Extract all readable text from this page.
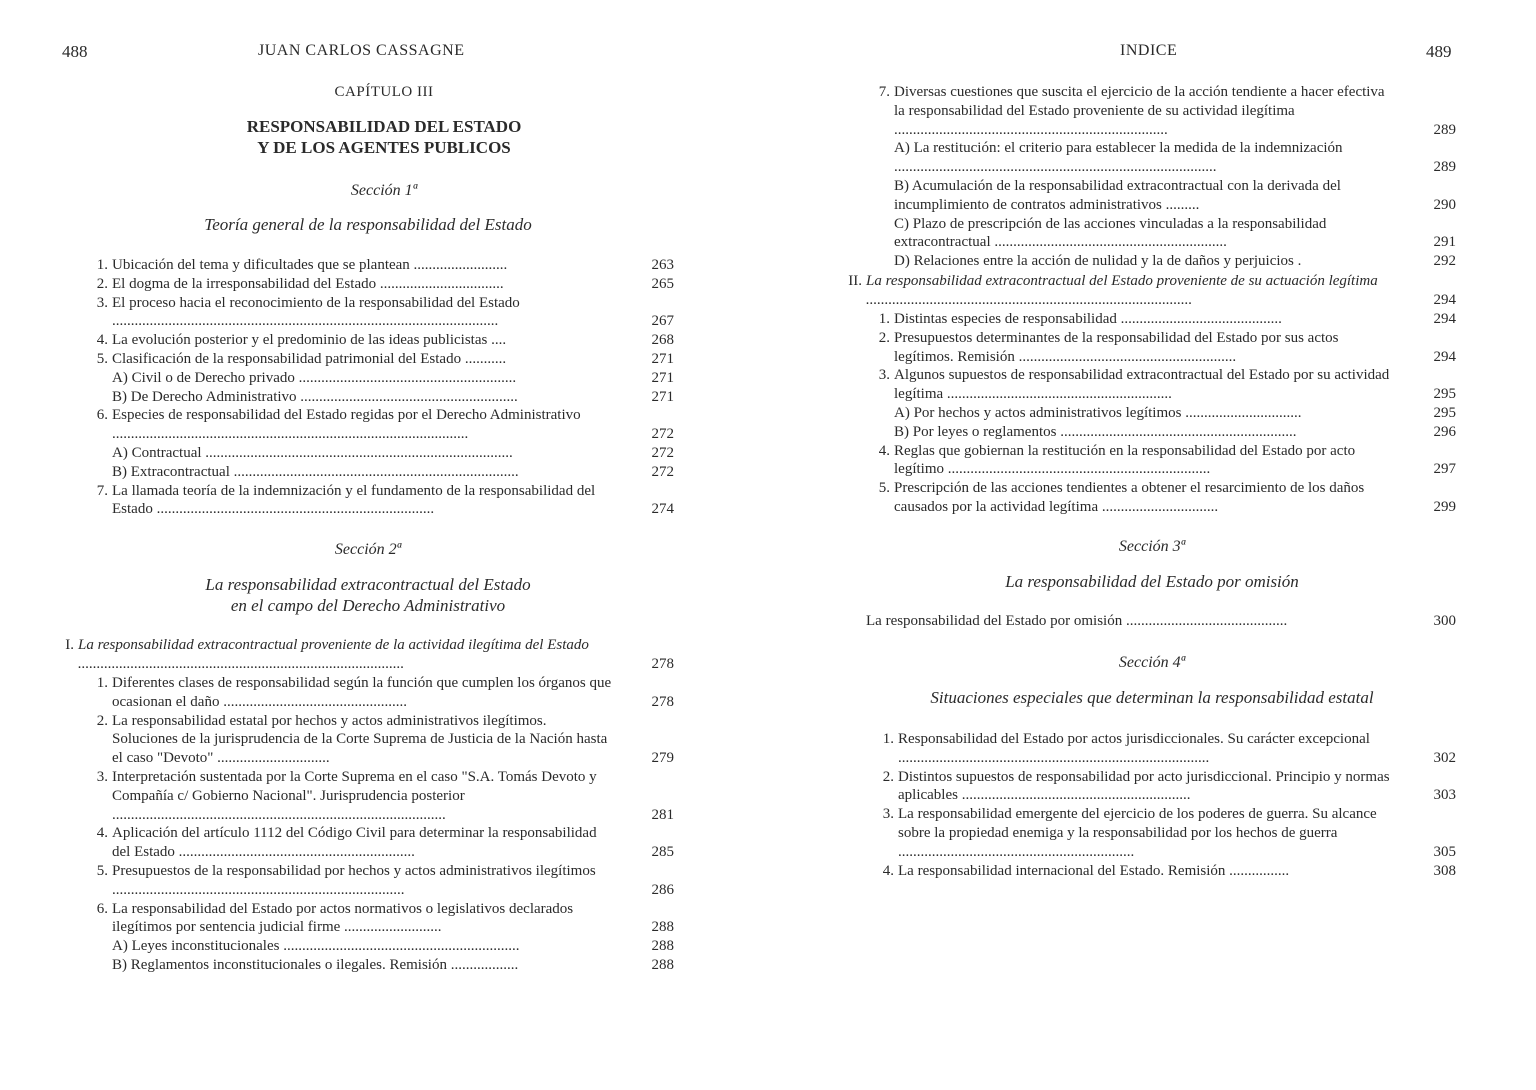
488	JUAN CARLOS CASSAGNE
CAPÍTULO III
RESPONSABILIDAD DEL ESTADO
Y DE LOS AGENTES PUBLICOS
Sección 1ª
Teoría general de la responsabilidad del Estado
1. Ubicación del tema y dificultades que se plantean .........................	263
2. El dogma de la irresponsabilidad del Estado .................................	265
3. El proceso hacia el reconocimiento de la responsabilidad del Estado .......................................................................................................	267
4. La evolución posterior y el predominio de las ideas publicistas ....	268
5. Clasificación de la responsabilidad patrimonial del Estado ...........	271
A) Civil o de Derecho privado ..........................................................	271
B) De Derecho Administrativo ..........................................................	271
6. Especies de responsabilidad del Estado regidas por el Derecho Administrativo ...............................................................................................	272
A) Contractual ..................................................................................	272
B) Extracontractual ............................................................................	272
7. La llamada teoría de la indemnización y el fundamento de la responsabilidad del Estado ..........................................................................	274
Sección 2ª
La responsabilidad extracontractual del Estado
en el campo del Derecho Administrativo
I. La responsabilidad extracontractual proveniente de la actividad ilegítima del Estado .......................................................................................	278
1. Diferentes clases de responsabilidad según la función que cumplen los órganos que ocasionan el daño .................................................	278
2. La responsabilidad estatal por hechos y actos administrativos ilegítimos. Soluciones de la jurisprudencia de la Corte Suprema de Justicia de la Nación hasta el caso "Devoto" ..............................	279
3. Interpretación sustentada por la Corte Suprema en el caso "S.A. Tomás Devoto y Compañía c/ Gobierno Nacional". Jurisprudencia posterior .........................................................................................	281
4. Aplicación del artículo 1112 del Código Civil para determinar la responsabilidad del Estado ...............................................................	285
5. Presupuestos de la responsabilidad por hechos y actos administrativos ilegítimos ..............................................................................	286
6. La responsabilidad del Estado por actos normativos o legislativos declarados ilegítimos por sentencia judicial firme ..........................	288
A) Leyes inconstitucionales ...............................................................	288
B) Reglamentos inconstitucionales o ilegales. Remisión ..................	288
INDICE	489
7. Diversas cuestiones que suscita el ejercicio de la acción tendiente a hacer efectiva la responsabilidad del Estado proveniente de su actividad ilegítima .........................................................................	289
A) La restitución: el criterio para establecer la medida de la indemnización ......................................................................................	289
B) Acumulación de la responsabilidad extracontractual con la derivada del incumplimiento de contratos administrativos .........	290
C) Plazo de prescripción de las acciones vinculadas a la responsabilidad extracontractual ..............................................................	291
D) Relaciones entre la acción de nulidad y la de daños y perjuicios .	292
II. La responsabilidad extracontractual del Estado proveniente de su actuación legítima .......................................................................................	294
1. Distintas especies de responsabilidad ...........................................	294
2. Presupuestos determinantes de la responsabilidad del Estado por sus actos legítimos. Remisión ..........................................................	294
3. Algunos supuestos de responsabilidad extracontractual del Estado por su actividad legítima ............................................................	295
A) Por hechos y actos administrativos legítimos ...............................	295
B) Por leyes o reglamentos ...............................................................	296
4. Reglas que gobiernan la restitución en la responsabilidad del Estado por acto legítimo ......................................................................	297
5. Prescripción de las acciones tendientes a obtener el resarcimiento de los daños causados por la actividad legítima ...............................	299
Sección 3ª
La responsabilidad del Estado por omisión
La responsabilidad del Estado por omisión ...........................................	300
Sección 4ª
Situaciones especiales que determinan la responsabilidad estatal
1. Responsabilidad del Estado por actos jurisdiccionales. Su carácter excepcional ...................................................................................	302
2. Distintos supuestos de responsabilidad por acto jurisdiccional. Principio y normas aplicables .............................................................	303
3. La responsabilidad emergente del ejercicio de los poderes de guerra. Su alcance sobre la propiedad enemiga y la responsabilidad por los hechos de guerra ...............................................................	305
4. La responsabilidad internacional del Estado. Remisión ................	308
